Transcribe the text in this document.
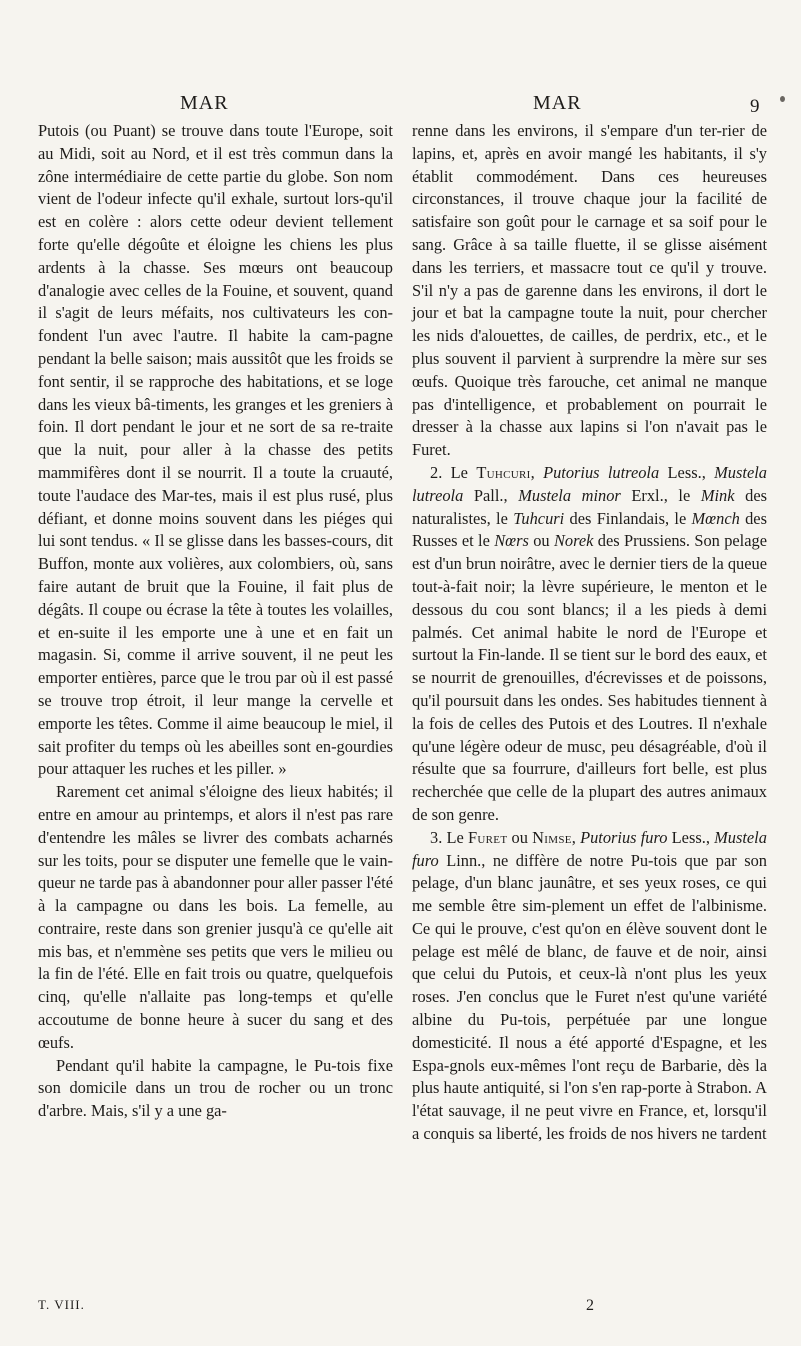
MAR	MAR	9

Putois (ou Puant) se trouve dans toute l'Europe, soit au Midi, soit au Nord, et il est très commun dans la zône intermédiaire de cette partie du globe. Son nom vient de l'odeur infecte qu'il exhale, surtout lors-qu'il est en colère : alors cette odeur devient tellement forte qu'elle dégoûte et éloigne les chiens les plus ardents à la chasse. Ses mœurs ont beaucoup d'analogie avec celles de la Fouine, et souvent, quand il s'agit de leurs méfaits, nos cultivateurs les con-fondent l'un avec l'autre. Il habite la cam-pagne pendant la belle saison; mais aussitôt que les froids se font sentir, il se rapproche des habitations, et se loge dans les vieux bâ-timents, les granges et les greniers à foin. Il dort pendant le jour et ne sort de sa re-traite que la nuit, pour aller à la chasse des petits mammifères dont il se nourrit. Il a toute la cruauté, toute l'audace des Mar-tes, mais il est plus rusé, plus défiant, et donne moins souvent dans les piéges qui lui sont tendus. « Il se glisse dans les basses-cours, dit Buffon, monte aux volières, aux colombiers, où, sans faire autant de bruit que la Fouine, il fait plus de dégâts. Il coupe ou écrase la tête à toutes les volailles, et en-suite il les emporte une à une et en fait un magasin. Si, comme il arrive souvent, il ne peut les emporter entières, parce que le trou par où il est passé se trouve trop étroit, il leur mange la cervelle et emporte les têtes. Comme il aime beaucoup le miel, il sait profiter du temps où les abeilles sont en-gourdies pour attaquer les ruches et les piller. »

Rarement cet animal s'éloigne des lieux habités; il entre en amour au printemps, et alors il n'est pas rare d'entendre les mâles se livrer des combats acharnés sur les toits, pour se disputer une femelle que le vain-queur ne tarde pas à abandonner pour aller passer l'été à la campagne ou dans les bois. La femelle, au contraire, reste dans son grenier jusqu'à ce qu'elle ait mis bas, et n'emmène ses petits que vers le milieu ou la fin de l'été. Elle en fait trois ou quatre, quelquefois cinq, qu'elle n'allaite pas long-temps et qu'elle accoutume de bonne heure à sucer du sang et des œufs.

Pendant qu'il habite la campagne, le Pu-tois fixe son domicile dans un trou de rocher ou un tronc d'arbre. Mais, s'il y a une ga-

renne dans les environs, il s'empare d'un ter-rier de lapins, et, après en avoir mangé les habitants, il s'y établit commodément. Dans ces heureuses circonstances, il trouve chaque jour la facilité de satisfaire son goût pour le carnage et sa soif pour le sang. Grâce à sa taille fluette, il se glisse aisément dans les terriers, et massacre tout ce qu'il y trouve. S'il n'y a pas de garenne dans les environs, il dort le jour et bat la campagne toute la nuit, pour chercher les nids d'alouettes, de cailles, de perdrix, etc., et le plus souvent il parvient à surprendre la mère sur ses œufs. Quoique très farouche, cet animal ne manque pas d'intelligence, et probablement on pourrait le dresser à la chasse aux lapins si l'on n'avait pas le Furet.

2. Le Tuhcuri, Putorius lutreola Less., Mustela lutreola Pall., Mustela minor Erxl., le Mink des naturalistes, le Tuhcuri des Finlandais, le Mœnch des Russes et le Nœrs ou Norek des Prussiens. Son pelage est d'un brun noirâtre, avec le dernier tiers de la queue tout-à-fait noir; la lèvre supérieure, le menton et le dessous du cou sont blancs; il a les pieds à demi palmés. Cet animal habite le nord de l'Europe et surtout la Fin-lande. Il se tient sur le bord des eaux, et se nourrit de grenouilles, d'écrevisses et de poissons, qu'il poursuit dans les ondes. Ses habitudes tiennent à la fois de celles des Putois et des Loutres. Il n'exhale qu'une légère odeur de musc, peu désagréable, d'où il résulte que sa fourrure, d'ailleurs fort belle, est plus recherchée que celle de la plupart des autres animaux de son genre.

3. Le Furet ou Nimse, Putorius furo Less., Mustela furo Linn., ne diffère de notre Pu-tois que par son pelage, d'un blanc jaunâtre, et ses yeux roses, ce qui me semble être sim-plement un effet de l'albinisme. Ce qui le prouve, c'est qu'on en élève souvent dont le pelage est mêlé de blanc, de fauve et de noir, ainsi que celui du Putois, et ceux-là n'ont plus les yeux roses. J'en conclus que le Furet n'est qu'une variété albine du Pu-tois, perpétuée par une longue domesticité. Il nous a été apporté d'Espagne, et les Espa-gnols eux-mêmes l'ont reçu de Barbarie, dès la plus haute antiquité, si l'on s'en rap-porte à Strabon. A l'état sauvage, il ne peut vivre en France, et, lorsqu'il a conquis sa liberté, les froids de nos hivers ne tardent

T. VIII.	2
